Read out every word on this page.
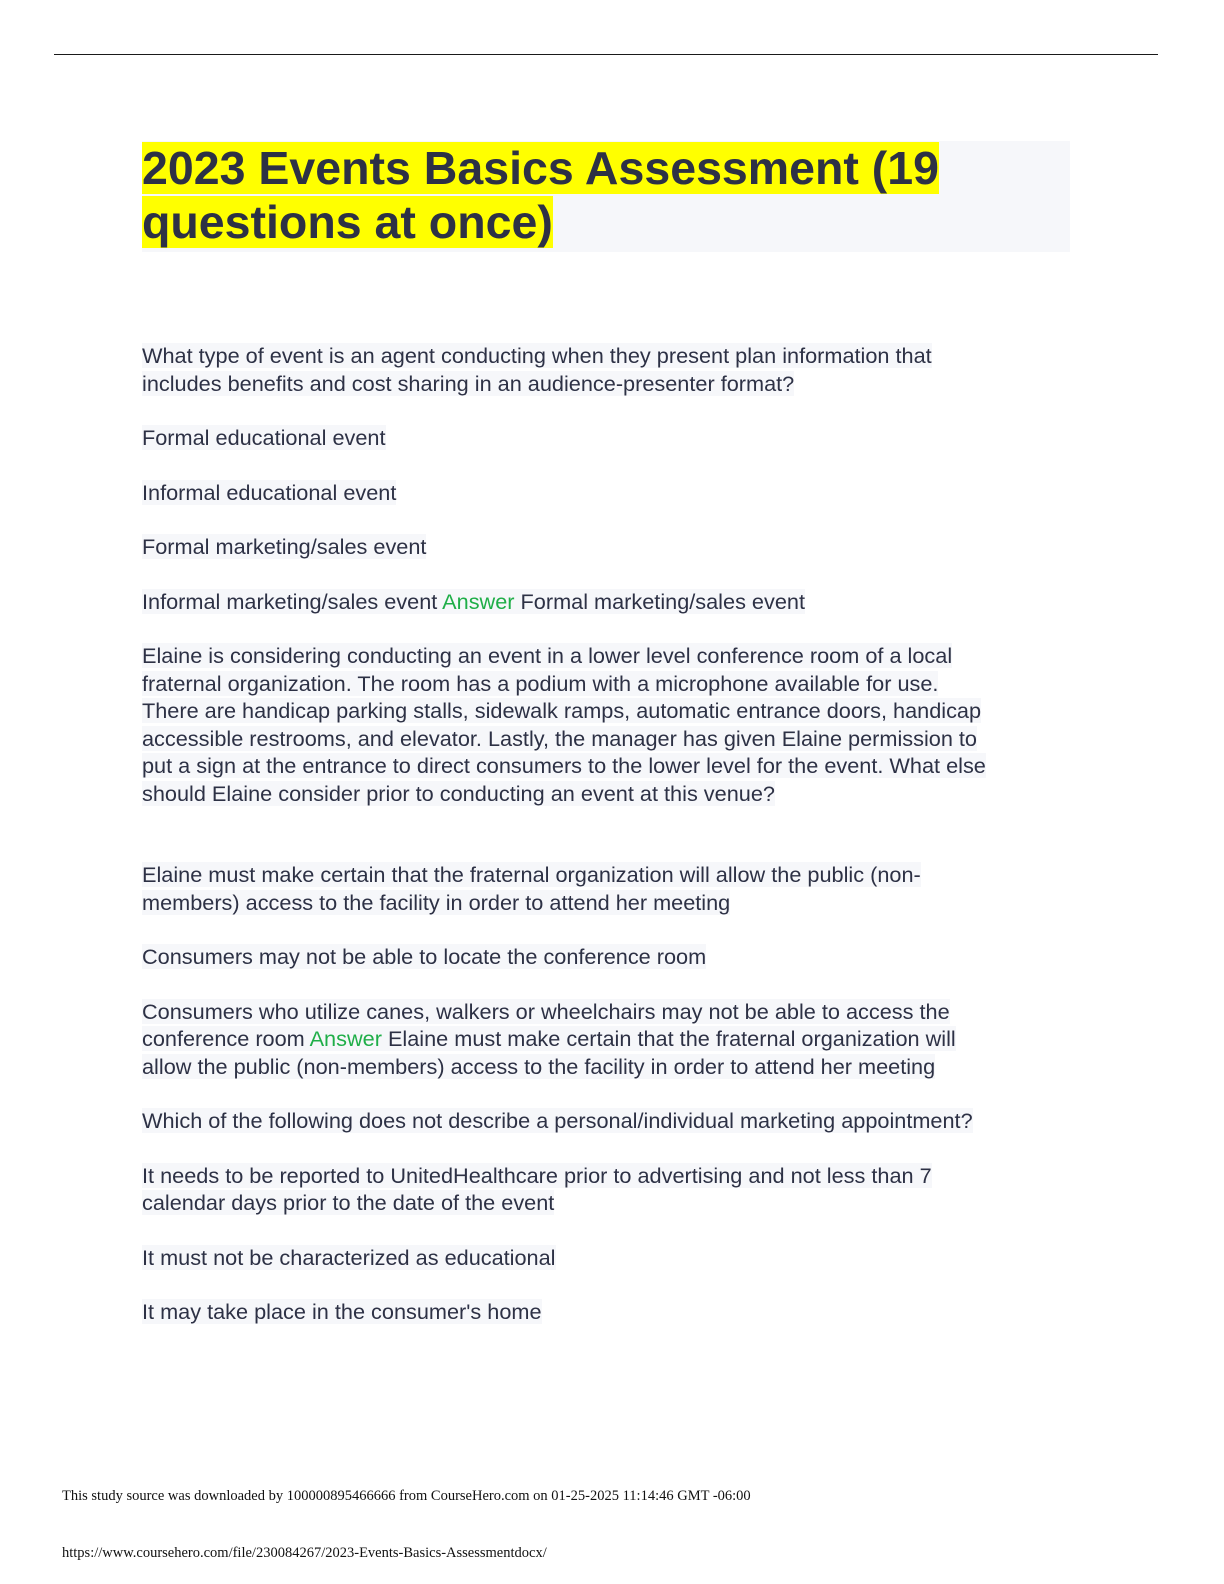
2023 Events Basics Assessment (19
questions at once)

What type of event is an agent conducting when they present plan information that
includes benefits and cost sharing in an audience-presenter format?

Formal educational event

Informal educational event

Formal marketing/sales event

Informal marketing/sales event Answer Formal marketing/sales event

Elaine is considering conducting an event in a lower level conference room of a local
fraternal organization. The room has a podium with a microphone available for use.
There are handicap parking stalls, sidewalk ramps, automatic entrance doors, handicap
accessible restrooms, and elevator. Lastly, the manager has given Elaine permission to
put a sign at the entrance to direct consumers to the lower level for the event. What else
should Elaine consider prior to conducting an event at this venue?

Elaine must make certain that the fraternal organization will allow the public (non-
members) access to the facility in order to attend her meeting

Consumers may not be able to locate the conference room

Consumers who utilize canes, walkers or wheelchairs may not be able to access the
conference room Answer Elaine must make certain that the fraternal organization will
allow the public (non-members) access to the facility in order to attend her meeting

Which of the following does not describe a personal/individual marketing appointment?

It needs to be reported to UnitedHealthcare prior to advertising and not less than 7
calendar days prior to the date of the event

It must not be characterized as educational

It may take place in the consumer's home

This study source was downloaded by 100000895466666 from CourseHero.com on 01-25-2025 11:14:46 GMT -06:00
https://www.coursehero.com/file/230084267/2023-Events-Basics-Assessmentdocx/
